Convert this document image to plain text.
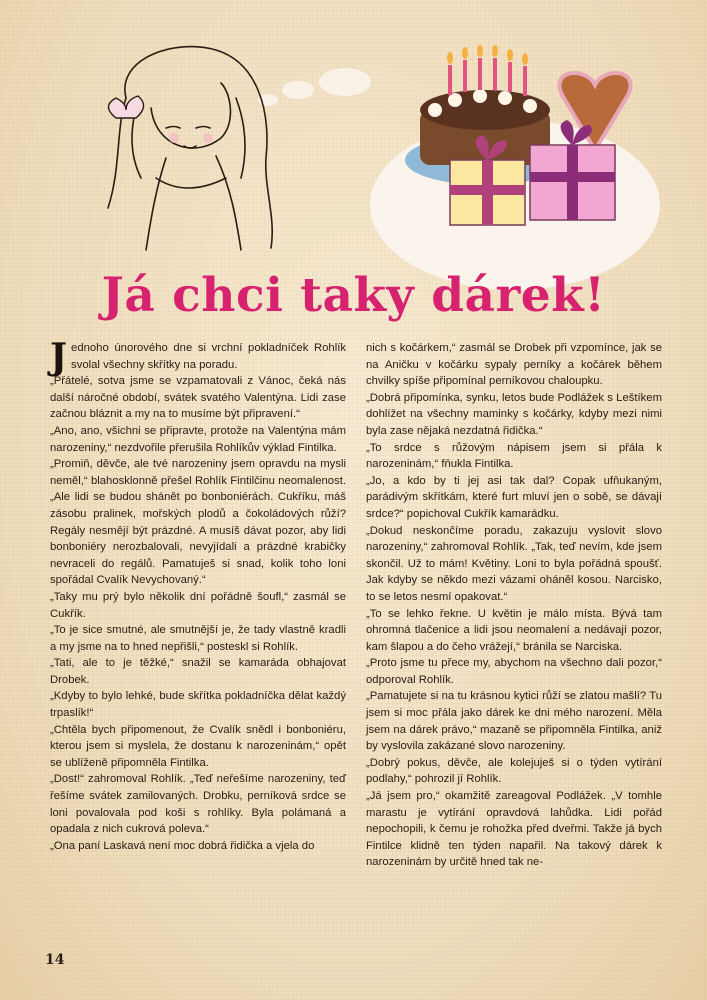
Já chci taky dárek!

Jednoho únorového dne si vrchní pokladníček Rohlík svolal všechny skřítky na poradu.

„Přátelé, sotva jsme se vzpamatovali z Vánoc, čeká nás další náročné období, svátek svatého Valentýna. Lidi zase začnou bláznit a my na to musíme být připravení.“

„Ano, ano, všichni se připravte, protože na Valentýna mám narozeniny,“ nezdvořile přerušila Rohlíkův výklad Fintilka.

„Promiň, děvče, ale tvé narozeniny jsem opravdu na mysli neměl,“ blahosklonně přešel Rohlík Fintilčinu neomalenost. „Ale lidi se budou shánět po bonboniérách. Cukříku, máš zásobu pralinek, mořských plodů a čokoládových růží? Regály nesmějí být prázdné. A musíš dávat pozor, aby lidi bonboniéry nerozbalovali, nevyjídali a prázdné krabičky nevraceli do regálů. Pamatuješ si snad, kolik toho loni spořádal Cvalík Nevychovaný.“

„Taky mu prý bylo několik dní pořádně šoufl,“ zasmál se Cukřík.

„To je sice smutné, ale smutnější je, že tady vlastně kradli a my jsme na to hned nepřišli,“ posteskl si Rohlík.

„Tati, ale to je těžké,“ snažil se kamaráda obhajovat Drobek.

„Kdyby to bylo lehké, bude skřítka pokladníčka dělat každý trpaslík!“

„Chtěla bych připomenout, že Cvalík snědl i bonboniéru, kterou jsem si myslela, že dostanu k narozeninám,“ opět se ublíženě připomněla Fintilka.

„Dost!“ zahromoval Rohlík. „Teď neřešíme narozeniny, teď řešíme svátek zamilovaných. Drobku, perníková srdce se loni povalovala pod koši s rohlíky. Byla polámaná a opadala z nich cukrová poleva.“

„Ona paní Laskavá není moc dobrá řidička a vjela do

nich s kočárkem,“ zasmál se Drobek při vzpomínce, jak se na Aničku v kočárku sypaly perníky a kočárek během chvilky spíše připomínal perníkovou chaloupku.

„Dobrá připomínka, synku, letos bude Podlážek s Leštíkem dohlížet na všechny maminky s kočárky, kdyby mezi nimi byla zase nějaká nezdatná řidička.“

„To srdce s růžovým nápisem jsem si přála k narozeninám,“ fňukla Fintilka.

„Jo, a kdo by ti jej asi tak dal? Copak ufňukaným, parádivým skřítkám, které furt mluví jen o sobě, se dávají srdce?“ popichoval Cukřík kamarádku.

„Dokud neskončíme poradu, zakazuju vyslovit slovo narozeniny,“ zahromoval Rohlík. „Tak, teď nevím, kde jsem skončil. Už to mám! Květiny. Loni to byla pořádná spoušť. Jak kdyby se někdo mezi vázami oháněl kosou. Narcisko, to se letos nesmí opakovat.“

„To se lehko řekne. U květin je málo místa. Bývá tam ohromná tlačenice a lidi jsou neomalení a nedávají pozor, kam šlapou a do čeho vrážejí,“ bránila se Narciska.

„Proto jsme tu přece my, abychom na všechno dali pozor,“ odporoval Rohlík.

„Pamatujete si na tu krásnou kytici růží se zlatou mašlí? Tu jsem si moc přála jako dárek ke dni mého narození. Měla jsem na dárek právo,“ mazaně se připomněla Fintilka, aniž by vyslovila zakázané slovo narozeniny.

„Dobrý pokus, děvče, ale kolejuješ si o týden vytírání podlahy,“ pohrozil jí Rohlík.

„Já jsem pro,“ okamžitě zareagoval Podlážek. „V tomhle marastu je vytírání opravdová lahůdka. Lidi pořád nepochopili, k čemu je rohožka před dveřmi. Takže já bych Fintilce klidně ten týden napařil. Na takový dárek k narozeninám by určitě hned tak ne-

14
